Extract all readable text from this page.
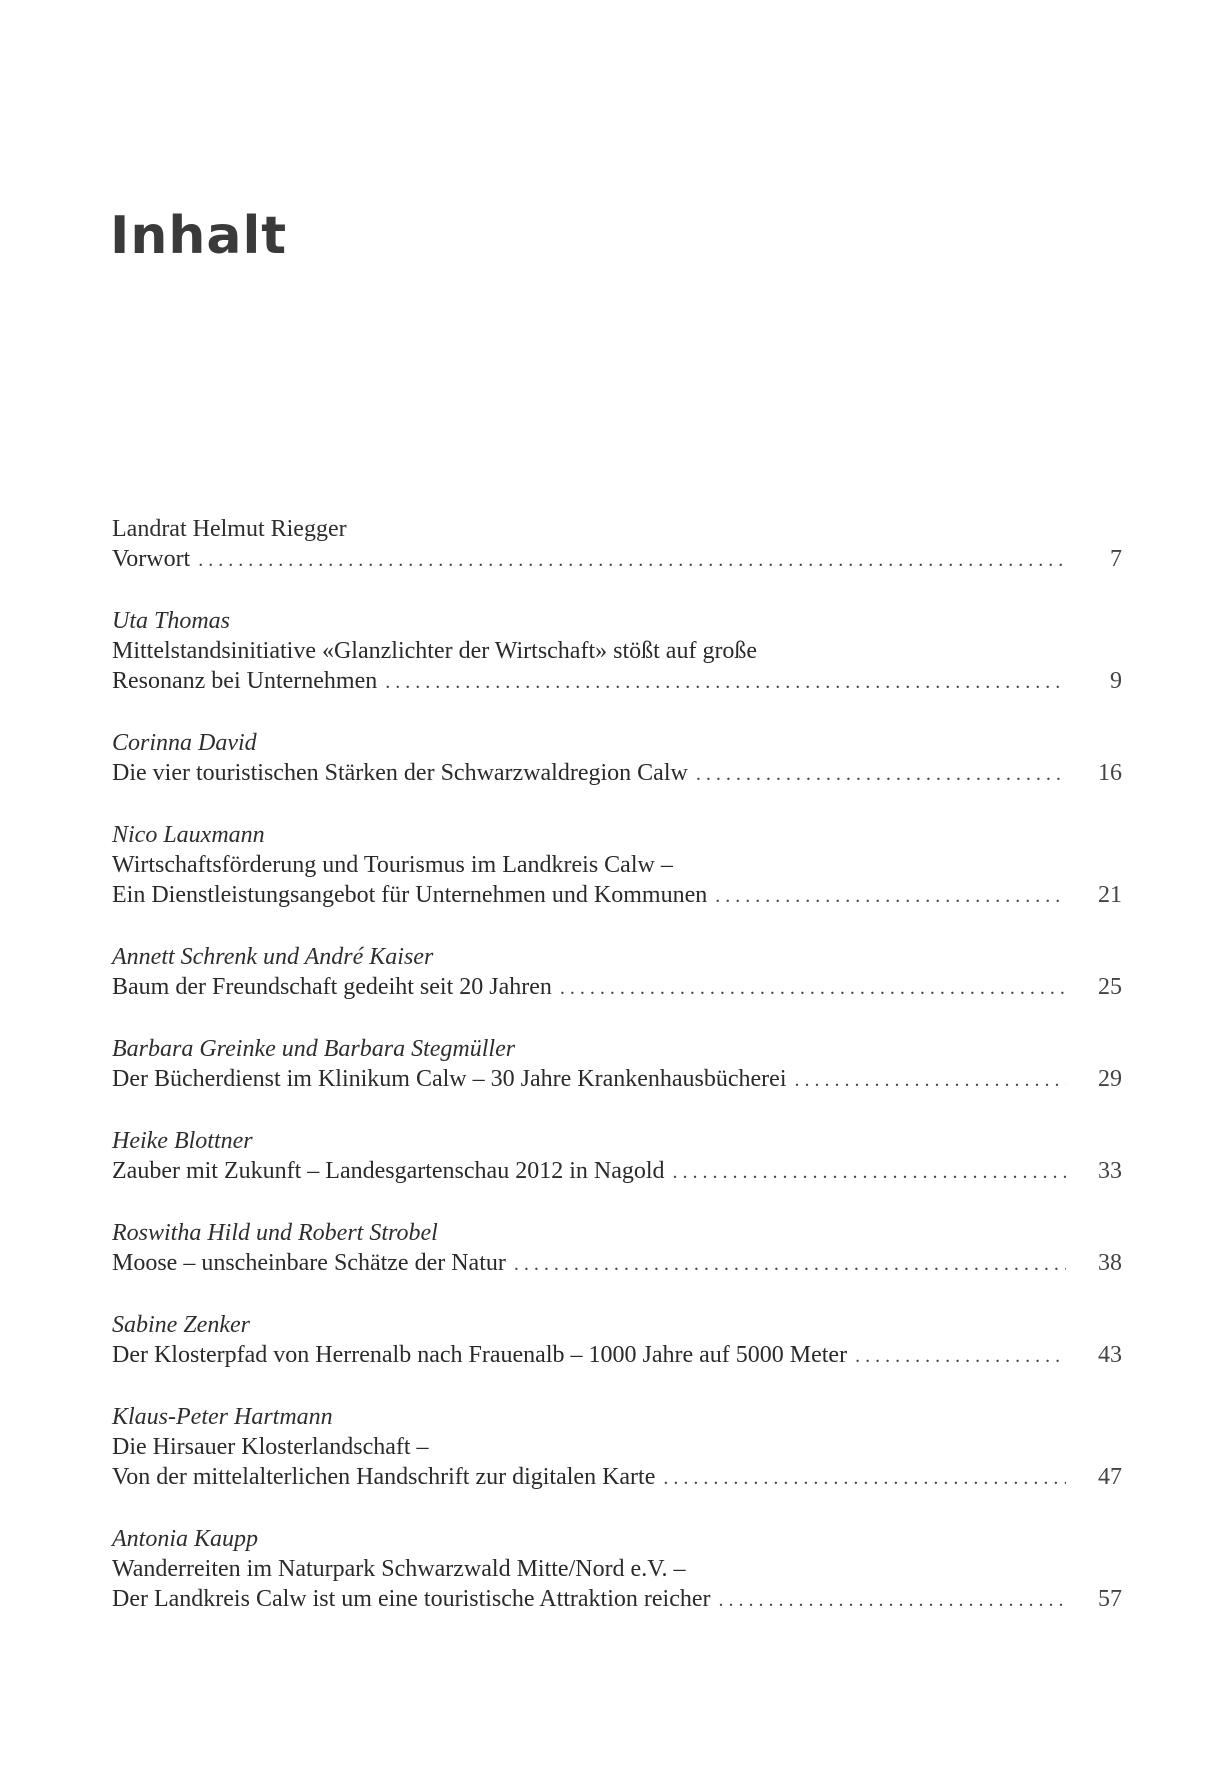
Inhalt
Landrat Helmut Riegger
Vorwort . . .	7
Uta Thomas
Mittelstandsinitiative «Glanzlichter der Wirtschaft» stößt auf große
Resonanz bei Unternehmen . . .	9
Corinna David
Die vier touristischen Stärken der Schwarzwaldregion Calw . . .	16
Nico Lauxmann
Wirtschaftsförderung und Tourismus im Landkreis Calw –
Ein Dienstleistungsangebot für Unternehmen und Kommunen . . .	21
Annett Schrenk und André Kaiser
Baum der Freundschaft gedeiht seit 20 Jahren . . .	25
Barbara Greinke und Barbara Stegmüller
Der Bücherdienst im Klinikum Calw – 30 Jahre Krankenhausbücherei . . .	29
Heike Blottner
Zauber mit Zukunft – Landesgartenschau 2012 in Nagold . . .	33
Roswitha Hild und Robert Strobel
Moose – unscheinbare Schätze der Natur . . .	38
Sabine Zenker
Der Klosterpfad von Herrenalb nach Frauenalb – 1000 Jahre auf 5000 Meter . . .	43
Klaus-Peter Hartmann
Die Hirsauer Klosterlandschaft –
Von der mittelalterlichen Handschrift zur digitalen Karte . . .	47
Antonia Kaupp
Wanderreiten im Naturpark Schwarzwald Mitte/Nord e.V. –
Der Landkreis Calw ist um eine touristische Attraktion reicher . . .	57
